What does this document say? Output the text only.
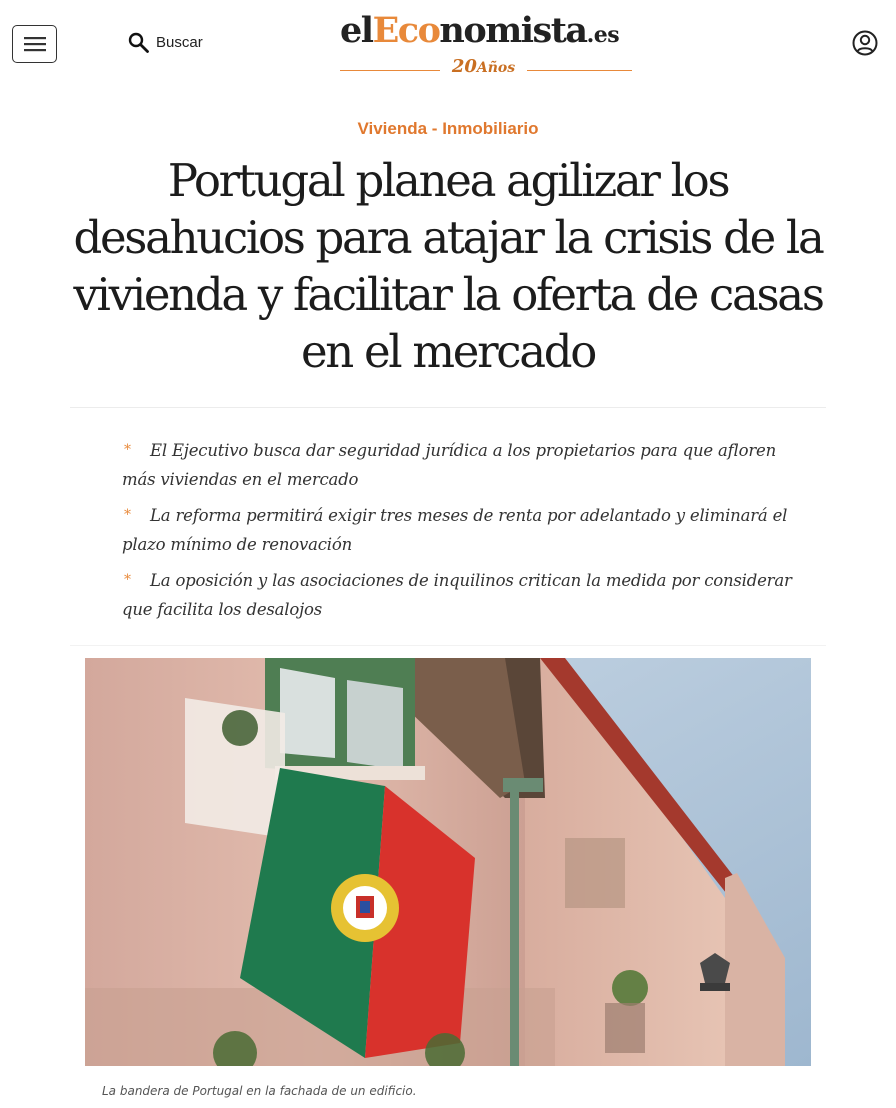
Buscar	elEconomista.es
20Años
Vivienda - Inmobiliario
Portugal planea agilizar los desahucios para atajar la crisis de la vivienda y facilitar la oferta de casas en el mercado
* El Ejecutivo busca dar seguridad jurídica a los propietarios para que afloren más viviendas en el mercado
* La reforma permitirá exigir tres meses de renta por adelantado y eliminará el plazo mínimo de renovación
* La oposición y las asociaciones de inquilinos critican la medida por considerar que facilita los desalojos
La bandera de Portugal en la fachada de un edificio.
